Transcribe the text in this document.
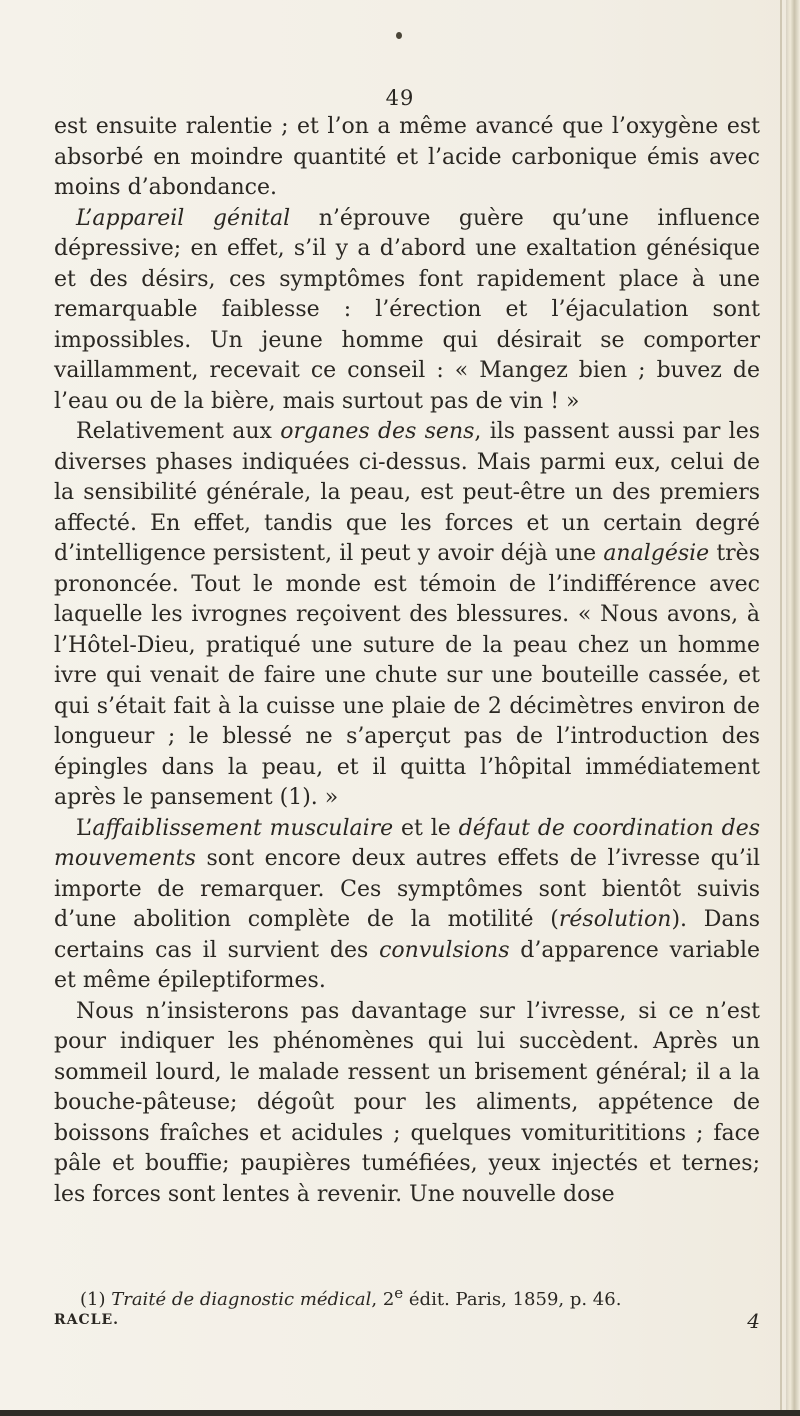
49

est ensuite ralentie ; et l’on a même avancé que l’oxygène est absorbé en moindre quantité et l’acide carbonique émis avec moins d’abondance.

L’appareil génital n’éprouve guère qu’une influence dépressive; en effet, s’il y a d’abord une exaltation génésique et des désirs, ces symptômes font rapidement place à une remarquable faiblesse : l’érection et l’éjaculation sont impossibles. Un jeune homme qui désirait se comporter vaillamment, recevait ce conseil : « Mangez bien ; buvez de l’eau ou de la bière, mais surtout pas de vin ! »

Relativement aux organes des sens, ils passent aussi par les diverses phases indiquées ci-dessus. Mais parmi eux, celui de la sensibilité générale, la peau, est peut-être un des premiers affecté. En effet, tandis que les forces et un certain degré d’intelligence persistent, il peut y avoir déjà une analgésie très prononcée. Tout le monde est témoin de l’indifférence avec laquelle les ivrognes reçoivent des blessures. « Nous avons, à l’Hôtel-Dieu, pratiqué une suture de la peau chez un homme ivre qui venait de faire une chute sur une bouteille cassée, et qui s’était fait à la cuisse une plaie de 2 décimètres environ de longueur ; le blessé ne s’aperçut pas de l’introduction des épingles dans la peau, et il quitta l’hôpital immédiatement après le pansement (1). »

L’affaiblissement musculaire et le défaut de coordination des mouvements sont encore deux autres effets de l’ivresse qu’il importe de remarquer. Ces symptômes sont bientôt suivis d’une abolition complète de la motilité (résolution). Dans certains cas il survient des convulsions d’apparence variable et même épileptiformes.

Nous n’insisterons pas davantage sur l’ivresse, si ce n’est pour indiquer les phénomènes qui lui succèdent. Après un sommeil lourd, le malade ressent un brisement général; il a la bouche-pâteuse; dégoût pour les aliments, appétence de boissons fraîches et acidules ; quelques vomiturititions ; face pâle et bouffie; paupières tuméfiées, yeux injectés et ternes; les forces sont lentes à revenir. Une nouvelle dose

(1) Traité de diagnostic médical, 2e édit. Paris, 1859, p. 46.

RACLE.	4
